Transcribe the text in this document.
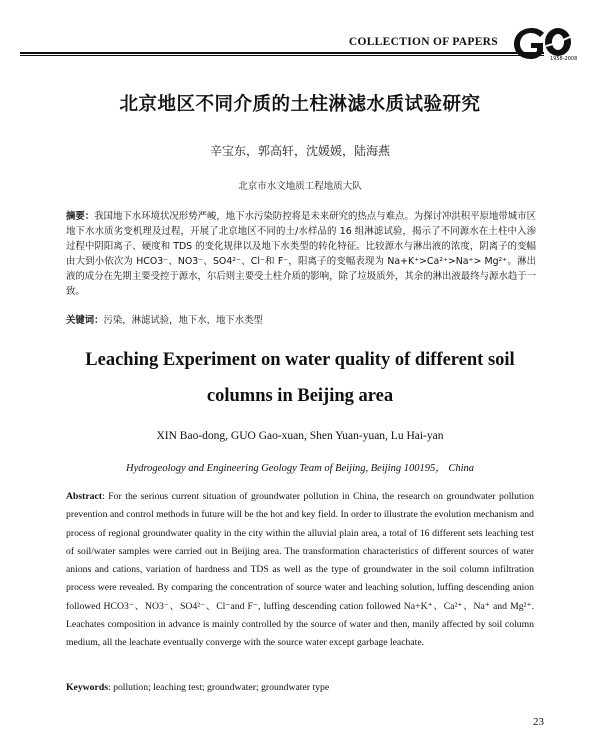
COLLECTION OF PAPERS
1958-2008
北京地区不同介质的土柱淋滤水质试验研究
辛宝东，郭高轩，沈媛媛，陆海燕
北京市水文地质工程地质大队
摘要：我国地下水环境状况形势严峻，地下水污染防控将是未来研究的热点与难点。为探讨冲洪积平原地带城市区地下水水质劣变机理及过程，开展了北京地区不同的土/水样品的 16 组淋滤试验，揭示了不同源水在土柱中入渗过程中阴阳离子、硬度和 TDS 的变化规律以及地下水类型的转化特征。比较源水与淋出液的浓度，阴离子的变幅由大到小依次为 HCO3⁻、NO3⁻、SO4²⁻、Cl⁻和 F⁻，阳离子的变幅表现为 Na+K⁺>Ca²⁺>Na⁺> Mg²⁺。淋出液的成分在先期主要受控于源水，尔后则主要受土柱介质的影响，除了垃圾质外，其余的淋出液最终与源水趋于一致。
关键词：污染，淋滤试验，地下水，地下水类型
Leaching Experiment on water quality of different soil
columns in Beijing area
XIN Bao-dong, GUO Gao-xuan, Shen Yuan-yuan, Lu Hai-yan
Hydrogeology and Engineering Geology Team of Beijing, Beijing 100195， China
Abstract: For the serious current situation of groundwater pollution in China, the research on groundwater pollution prevention and control methods in future will be the hot and key field. In order to illustrate the evolution mechanism and process of regional groundwater quality in the city within the alluvial plain area, a total of 16 different sets leaching test of soil/water samples were carried out in Beijing area. The transformation characteristics of different sources of water anions and cations, variation of hardness and TDS as well as the type of groundwater in the soil column infiltration process were revealed. By comparing the concentration of source water and leaching solution, luffing descending anion followed HCO3⁻、NO3⁻、SO4²⁻、Cl⁻and F⁻, luffing descending cation followed Na+K⁺、Ca²⁺、Na⁺ and Mg²⁺. Leachates composition in advance is mainly controlled by the source of water and then, manily affected by soil column medium, all the leachate eventually converge with the source water except garbage leachate.
Keywords: pollution; leaching test; groundwater; groundwater type
23
